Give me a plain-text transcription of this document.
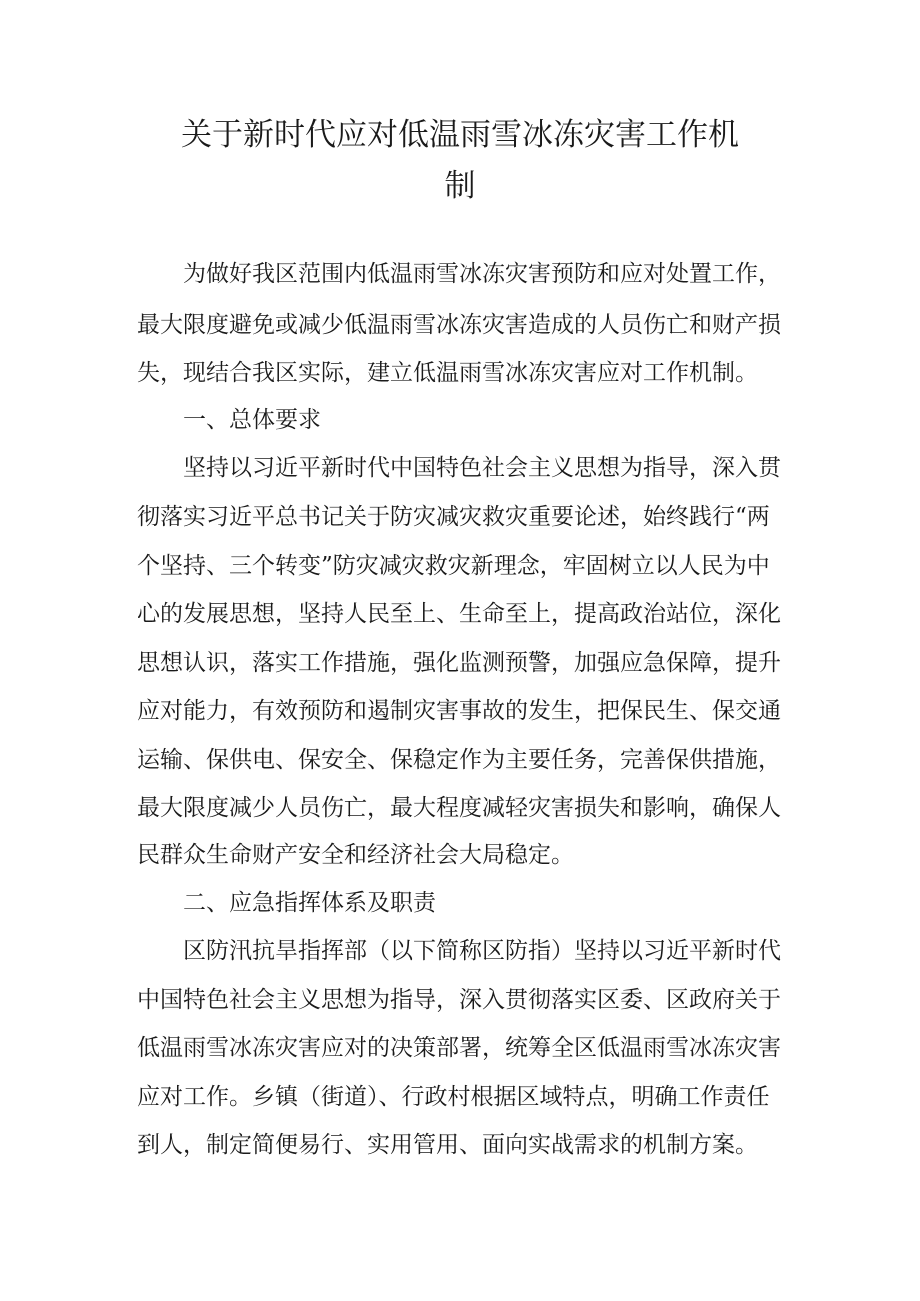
关于新时代应对低温雨雪冰冻灾害工作机
制

为做好我区范围内低温雨雪冰冻灾害预防和应对处置工作，

最大限度避免或减少低温雨雪冰冻灾害造成的人员伤亡和财产损

失，现结合我区实际，建立低温雨雪冰冻灾害应对工作机制。

一、总体要求

坚持以习近平新时代中国特色社会主义思想为指导，深入贯

彻落实习近平总书记关于防灾减灾救灾重要论述，始终践行“两

个坚持、三个转变”防灾减灾救灾新理念，牢固树立以人民为中

心的发展思想，坚持人民至上、生命至上，提高政治站位，深化

思想认识，落实工作措施，强化监测预警，加强应急保障，提升

应对能力，有效预防和遏制灾害事故的发生，把保民生、保交通

运输、保供电、保安全、保稳定作为主要任务，完善保供措施，

最大限度减少人员伤亡，最大程度减轻灾害损失和影响，确保人

民群众生命财产安全和经济社会大局稳定。

二、应急指挥体系及职责

区防汛抗旱指挥部（以下简称区防指）坚持以习近平新时代

中国特色社会主义思想为指导，深入贯彻落实区委、区政府关于

低温雨雪冰冻灾害应对的决策部署，统筹全区低温雨雪冰冻灾害

应对工作。乡镇（街道）、行政村根据区域特点，明确工作责任

到人，制定简便易行、实用管用、面向实战需求的机制方案。
